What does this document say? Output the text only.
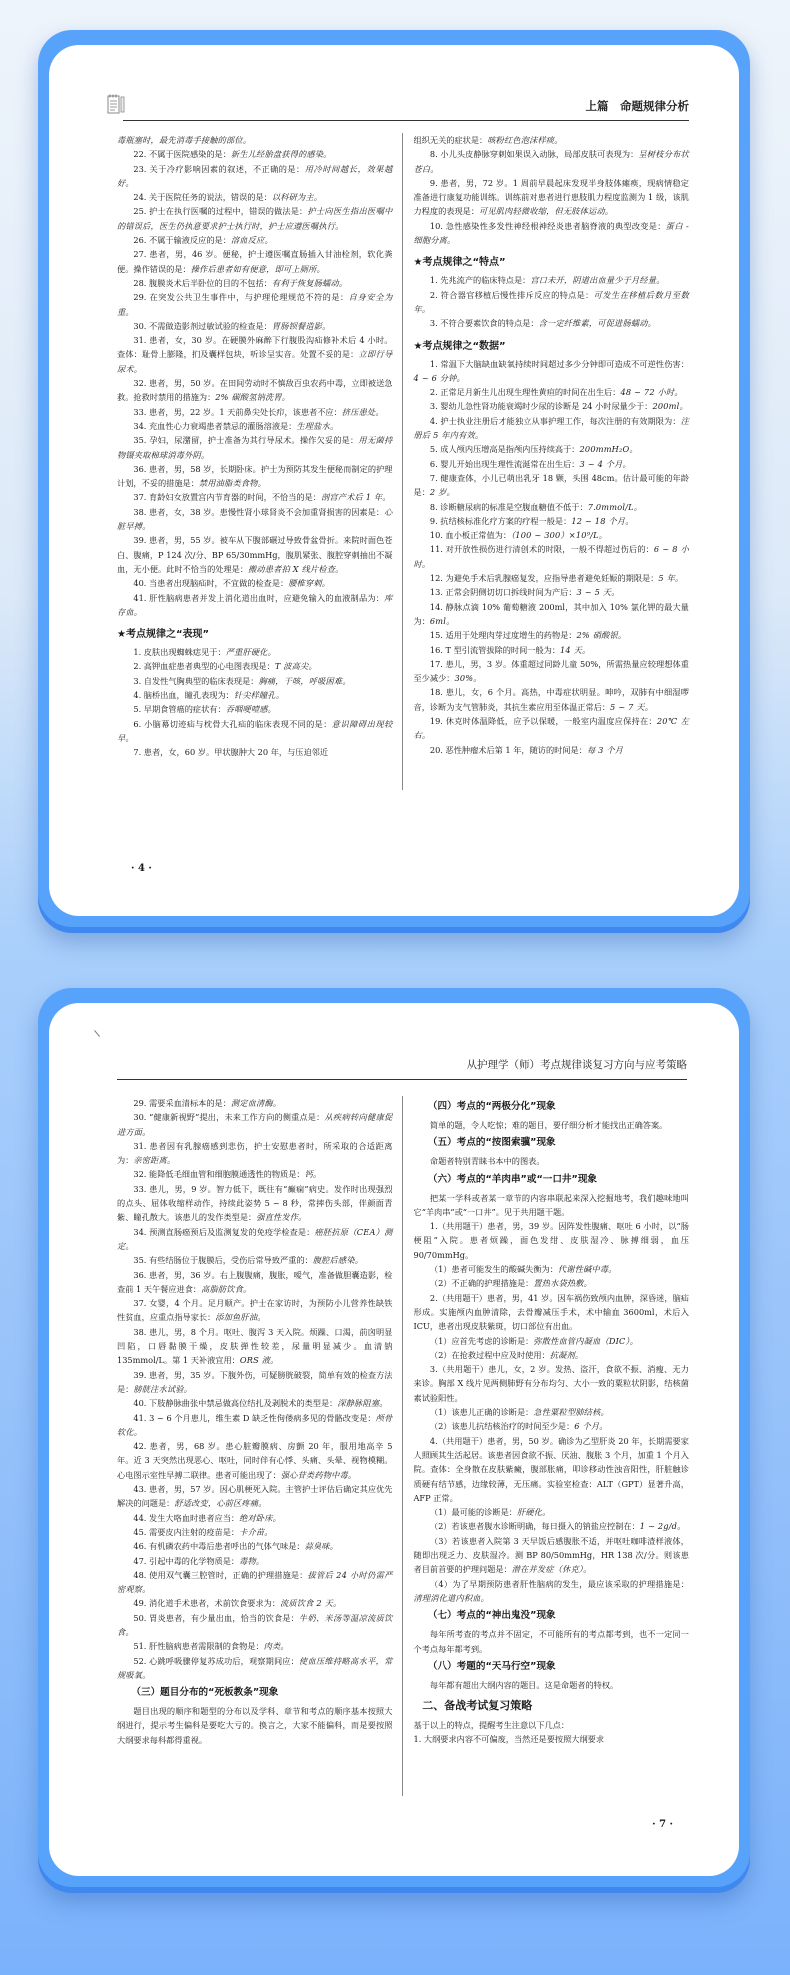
上篇　命题规律分析

毒瓶塞时，最先消毒手接触的部位。

22. 不属于医院感染的是：新生儿经胎盘获得的感染。

23. 关于冷疗影响因素的叙述，不正确的是：用冷时间越长，效果越好。

24. 关于医院任务的说法，错误的是：以科研为主。

25. 护士在执行医嘱的过程中，错误的做法是：护士向医生指出医嘱中的错误后，医生仍执意要求护士执行时，护士应遵医嘱执行。

26. 不属于输液反应的是：溶血反应。

27. 患者，男，46 岁。便秘，护士遵医嘱直肠插入甘油栓剂，软化粪便。操作错误的是：操作后患者如有便意，即可上厕所。

28. 腹膜炎术后半卧位的目的不包括：有利于恢复肠蠕动。

29. 在突发公共卫生事件中，与护理伦理规范不符的是：自身安全为重。

30. 不需做造影剂过敏试验的检查是：胃肠钡餐造影。

31. 患者，女，30 岁。在硬膜外麻醉下行腹股沟疝修补术后 4 小时。查体：耻骨上膨隆，扪及囊样包块，听诊呈实音。处置不妥的是：立即行导尿术。

32. 患者，男，50 岁。在田间劳动时不慎敌百虫农药中毒，立即被送急救。抢救时禁用的措施为：2% 碳酸氢钠洗胃。

33. 患者，男，22 岁。1 天前鼻尖处长疖，该患者不应：挤压患处。

34. 充血性心力衰竭患者禁忌的灌肠溶液是：生理盐水。

35. 孕妇，尿潴留，护士准备为其行导尿术。操作欠妥的是：用无菌持物镊夹取棉球消毒外阴。

36. 患者，男，58 岁，长期卧床。护士为预防其发生便秘而制定的护理计划，不妥的措施是：禁用油脂类食物。

37. 育龄妇女放置宫内节育器的时间，不恰当的是：剖宫产术后 1 年。

38. 患者，女，38 岁。患慢性肾小球肾炎不会加重肾损害的因素是：心脏早搏。

39. 患者，男，55 岁。被车从下腹部碾过导致骨盆骨折。来院时面色苍白、腹痛，P 124 次/分、BP 65/30mmHg，腹肌紧张、腹腔穿刺抽出不凝血，无小便。此时不恰当的处理是：搬动患者拍 X 线片检查。

40. 当患者出现脑疝时，不宜做的检查是：腰椎穿刺。

41. 肝性脑病患者并发上消化道出血时，应避免输入的血液制品为：库存血。

★考点规律之“表现”

1. 皮肤出现蜘蛛痣见于：严重肝硬化。

2. 高钾血症患者典型的心电图表现是：T 波高尖。

3. 自发性气胸典型的临床表现是：胸痛，干咳，呼吸困难。

4. 脑桥出血，瞳孔表现为：针尖样瞳孔。

5. 早期食管癌的症状有：吞咽哽噎感。

6. 小脑幕切迹疝与枕骨大孔疝的临床表现不同的是：意识障碍出现较早。

7. 患者，女，60 岁。甲状腺肿大 20 年，与压迫邻近

组织无关的症状是：咳粉红色泡沫样痰。

8. 小儿头皮静脉穿刺如果误入动脉，局部皮肤可表现为：呈树枝分布状苍白。

9. 患者，男，72 岁。1 周前早晨起床发现半身肢体瘫痪，现病情稳定准备进行康复功能训练。训练前对患者进行患肢肌力程度监测为 1 级，该肌力程度的表现是：可见肌肉轻微收缩，但无肢体运动。

10. 急性感染性多发性神经根神经炎患者脑脊液的典型改变是：蛋白 - 细胞分离。

★考点规律之“特点”

1. 先兆流产的临床特点是：宫口未开，阴道出血量少于月经量。

2. 符合器官移植后慢性排斥反应的特点是：可发生在移植后数月至数年。

3. 不符合要素饮食的特点是：含一定纤维素，可促进肠蠕动。

★考点规律之“数据”

1. 常温下大脑缺血缺氧持续时间超过多少分钟即可造成不可逆性伤害：4 ~ 6 分钟。

2. 正常足月新生儿出现生理性黄疸的时间在出生后：48 ~ 72 小时。

3. 婴幼儿急性肾功能衰竭时少尿的诊断是 24 小时尿量少于：200ml。

4. 护士执业注册后才能独立从事护理工作，每次注册的有效期限为：注册后 5 年内有效。

5. 成人颅内压增高是指颅内压持续高于：200mmH₂O。

6. 婴儿开始出现生理性流涎常在出生后：3 ~ 4 个月。

7. 健康查体，小儿已萌出乳牙 18 颗，头围 48cm。估计最可能的年龄是：2 岁。

8. 诊断糖尿病的标准是空腹血糖值不低于：7.0mmol/L。

9. 抗结核标准化疗方案的疗程一般是：12 ~ 18 个月。

10. 血小板正常值为：（100 ~ 300）×10⁹/L。

11. 对开放性损伤进行清创术的时限，一般不得超过伤后的：6 ~ 8 小时。

12. 为避免手术后乳腺癌复发，应指导患者避免妊娠的期限是：5 年。

13. 正常会阴侧切切口拆线时间为产后：3 ~ 5 天。

14. 静脉点滴 10% 葡萄糖液 200ml，其中加入 10% 氯化钾的最大量为：6ml。

15. 适用于处理肉芽过度增生的药物是：2% 硝酸银。

16. T 型引流管拔除的时间一般为：14 天。

17. 患儿，男，3 岁。体重超过同龄儿童 50%，所需热量应较理想体重至少减少：30%。

18. 患儿，女，6 个月。高热，中毒症状明显。呻吟，双肺有中细湿啰音，诊断为支气管肺炎，其抗生素应用至体温正常后：5 ~ 7 天。

19. 休克时体温降低，应予以保暖，一般室内温度应保持在：20℃ 左右。

20. 恶性肿瘤术后第 1 年，随访的时间是：每 3 个月

· 4 ·
从护理学（师）考点规律谈复习方向与应考策略

29. 需要采血清标本的是：测定血清酶。

30. “健康新视野”提出，未来工作方向的侧重点是：从疾病转向健康促进方面。

31. 患者因有乳腺癌感到悲伤，护士安慰患者时，所采取的合适距离为：亲密距离。

32. 能降低毛细血管和细胞膜通透性的物质是：钙。

33. 患儿，男，9 岁。智力低下，既往有“癫痫”病史。发作时出现强烈的点头、屈体收缩样动作，持续此姿势 5 ~ 8 秒，常摔伤头部，伴颜面青紫、瞳孔散大。该患儿的发作类型是：强直性发作。

34. 预测直肠癌预后及监测复发的免疫学检查是：癌胚抗原（CEA）测定。

35. 有些结肠位于腹膜后，受伤后常导致严重的：腹腔后感染。

36. 患者，男，36 岁。右上腹腹痛，腹胀，嗳气，准备做胆囊造影，检查前 1 天午餐应进食：高脂肪饮食。

37. 女婴，4 个月。足月顺产。护士在家访时，为预防小儿营养性缺铁性贫血，应重点指导家长：添加鱼肝油。

38. 患儿，男，8 个月。呕吐、腹泻 3 天入院。烦躁、口渴，前囟明显凹陷，口唇黏膜干燥，皮肤弹性较差，尿量明显减少。血清钠 135mmol/L。第 1 天补液宜用：ORS 液。

39. 患者，男，35 岁。下腹外伤，可疑膀胱破裂，简单有效的检查方法是：膀胱注水试验。

40. 下肢静脉曲张中禁忌做高位结扎及剥脱术的类型是：深静脉阻塞。

41. 3 ~ 6 个月患儿，维生素 D 缺乏性佝偻病多见的骨骼改变是：颅骨软化。

42. 患者，男，68 岁。患心脏瓣膜病、房颤 20 年，服用地高辛 5 年。近 3 天突然出现恶心、呕吐，同时伴有心悸、头痛、头晕、视物模糊。心电图示室性早搏二联律。患者可能出现了：强心苷类药物中毒。

43. 患者，男，57 岁。因心肌梗死入院。主管护士评估后确定其应优先解决的问题是：舒适改变，心前区疼痛。

44. 发生大咯血时患者应当：绝对卧床。

45. 需要皮内注射的疫苗是：卡介苗。

46. 有机磷农药中毒后患者呼出的气体气味是：蒜臭味。

47. 引起中毒的化学物质是：毒物。

48. 使用双气囊三腔管时，正确的护理措施是：拔管后 24 小时仍需严密观察。

49. 消化道手术患者，术前饮食要求为：流质饮食 2 天。

50. 胃炎患者，有少量出血，恰当的饮食是：牛奶、米汤等温凉流质饮食。

51. 肝性脑病患者需限制的食物是：肉类。

52. 心跳呼吸骤停复苏成功后，观察期间应：使血压维持略高水平，常规吸氧。

（三）题目分布的“死板教条”现象

题目出现的顺序和题型的分布以及学科、章节和考点的顺序基本按照大纲进行，提示考生偏科是要吃大亏的。换言之，大家不能偏科，而是要按照大纲要求每科都得重视。

（四）考点的“两极分化”现象

简单的题，令人吃惊；难的题目，要仔细分析才能找出正确答案。

（五）考点的“按图索骥”现象

命题者特别青睐书本中的图表。

（六）考点的“羊肉串”或“一口井”现象

把某一学科或者某一章节的内容串联起来深入挖掘地考，我们趣味地叫它“羊肉串”或“一口井”。见于共用题干题。

1.（共用题干）患者，男，39 岁。因阵发性腹痛、呕吐 6 小时，以“肠梗阻”入院。患者烦躁，面色发绀、皮肤湿冷、脉搏细弱，血压 90/70mmHg。

（1）患者可能发生的酸碱失衡为：代谢性碱中毒。

（2）不正确的护理措施是：置热水袋热敷。

2.（共用题干）患者，男，41 岁。因车祸伤致颅内血肿，深昏迷，脑疝形成。实施颅内血肿清除，去骨瓣减压手术，术中输血 3600ml，术后入 ICU，患者出现皮肤紫斑，切口部位有出血。

（1）应首先考虑的诊断是：弥散性血管内凝血（DIC）。

（2）在抢救过程中应及时使用：抗凝剂。

3.（共用题干）患儿，女，2 岁。发热、盗汗，食欲不振、消瘦、无力来诊。胸部 X 线片见两侧肺野有分布均匀、大小一致的粟粒状阴影，结核菌素试验阳性。

（1）该患儿正确的诊断是：急性粟粒型肺结核。

（2）该患儿抗结核治疗的时间至少是：6 个月。

4.（共用题干）患者，男，50 岁。确诊为乙型肝炎 20 年，长期需要家人照顾其生活起居。该患者因食欲不振、厌油、腹胀 3 个月，加重 1 个月入院。查体：全身散在皮肤紫癜，腹部胀痛，叩诊移动性浊音阳性，肝脏触诊质硬有结节感，边缘较薄，无压痛。实验室检查：ALT（GPT）显著升高，AFP 正常。

（1）最可能的诊断是：肝硬化。

（2）若该患者腹水诊断明确，每日摄入的钠盐应控制在：1 ~ 2g/d。

（3）若该患者入院第 3 天早饭后感腹胀不适，并呕吐咖啡渣样液体，随即出现乏力、皮肤湿冷。测 BP 80/50mmHg，HR 138 次/分。则该患者目前首要的护理问题是：潜在并发症（休克）。

（4）为了早期预防患者肝性脑病的发生，最应该采取的护理措施是：清理消化道内积血。

（七）考点的“神出鬼没”现象

每年所考查的考点并不固定，不可能所有的考点都考到，也不一定同一个考点每年都考到。

（八）考题的“天马行空”现象

每年都有超出大纲内容的题目。这是命题者的特权。

二、备战考试复习策略

基于以上的特点，提醒考生注意以下几点：

1. 大纲要求内容不可偏废，当然还是要按照大纲要求

· 7 ·
